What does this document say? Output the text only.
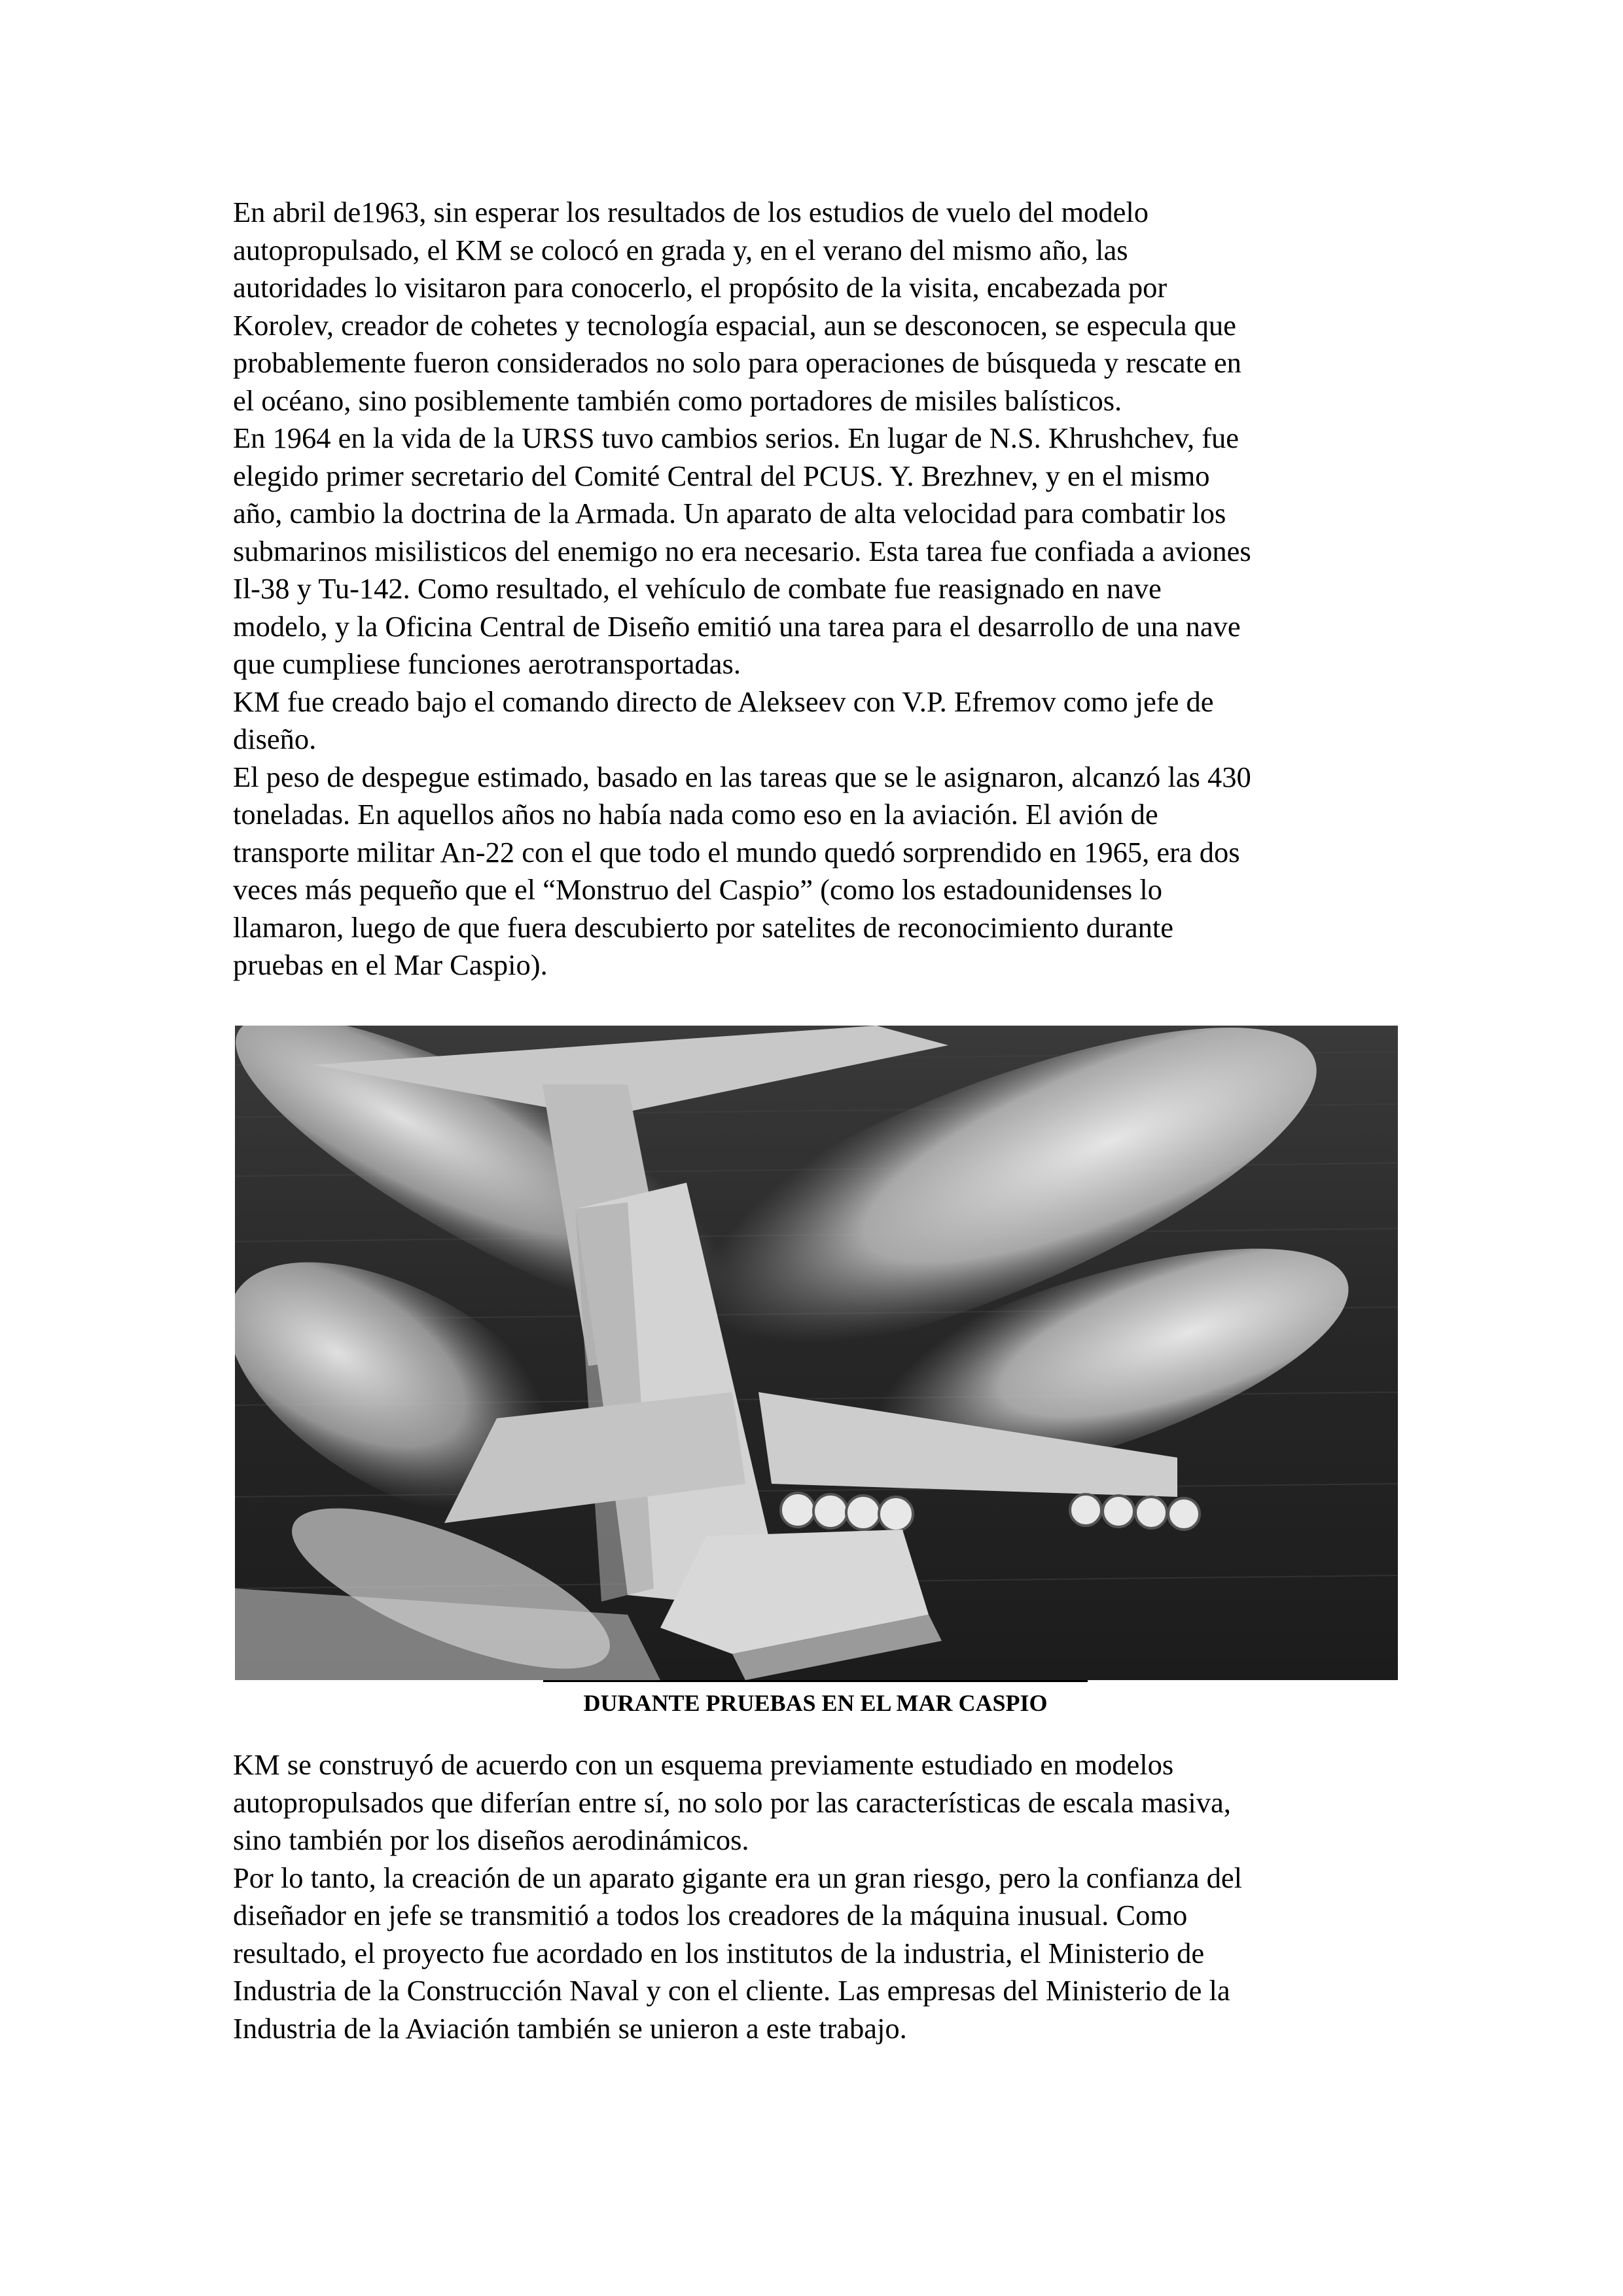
En abril de1963, sin esperar los resultados de los estudios de vuelo del modelo

autopropulsado, el KM se colocó en grada y, en el verano del mismo año, las

autoridades lo visitaron para conocerlo, el propósito de la visita, encabezada por

Korolev, creador de cohetes y tecnología espacial, aun se desconocen, se especula que

probablemente fueron considerados no solo para operaciones de búsqueda y rescate en

el océano, sino posiblemente también como portadores de misiles balísticos.

En 1964 en la vida de la URSS tuvo cambios serios. En lugar de N.S. Khrushchev, fue

elegido primer secretario del Comité Central del PCUS. Y. Brezhnev, y en el mismo

año, cambio la doctrina de la Armada. Un aparato de alta velocidad para combatir los

submarinos misilisticos del enemigo no era necesario. Esta tarea fue confiada a aviones

Il-38 y Tu-142. Como resultado, el vehículo de combate fue reasignado en nave

modelo, y la Oficina Central de Diseño emitió una tarea para el desarrollo de una nave

que cumpliese funciones aerotransportadas.

KM fue creado bajo el comando directo de Alekseev con V.P. Efremov como jefe de

diseño.

El peso de despegue estimado, basado en las tareas que se le asignaron, alcanzó las 430

toneladas. En aquellos años no había nada como eso en la aviación. El avión de

transporte militar An-22 con el que todo el mundo quedó sorprendido en 1965, era dos

veces más pequeño que el “Monstruo del Caspio” (como los estadounidenses lo

llamaron, luego de que fuera descubierto por satelites de reconocimiento durante

pruebas en el Mar Caspio).

DURANTE PRUEBAS EN EL MAR CASPIO

KM se construyó de acuerdo con un esquema previamente estudiado en modelos

autopropulsados que diferían entre sí, no solo por las características de escala masiva,

sino también por los diseños aerodinámicos.

Por lo tanto, la creación de un aparato gigante era un gran riesgo, pero la confianza del

diseñador en jefe se transmitió a todos los creadores de la máquina inusual. Como

resultado, el proyecto fue acordado en los institutos de la industria, el Ministerio de

Industria de la Construcción Naval y con el cliente. Las empresas del Ministerio de la

Industria de la Aviación también se unieron a este trabajo.
